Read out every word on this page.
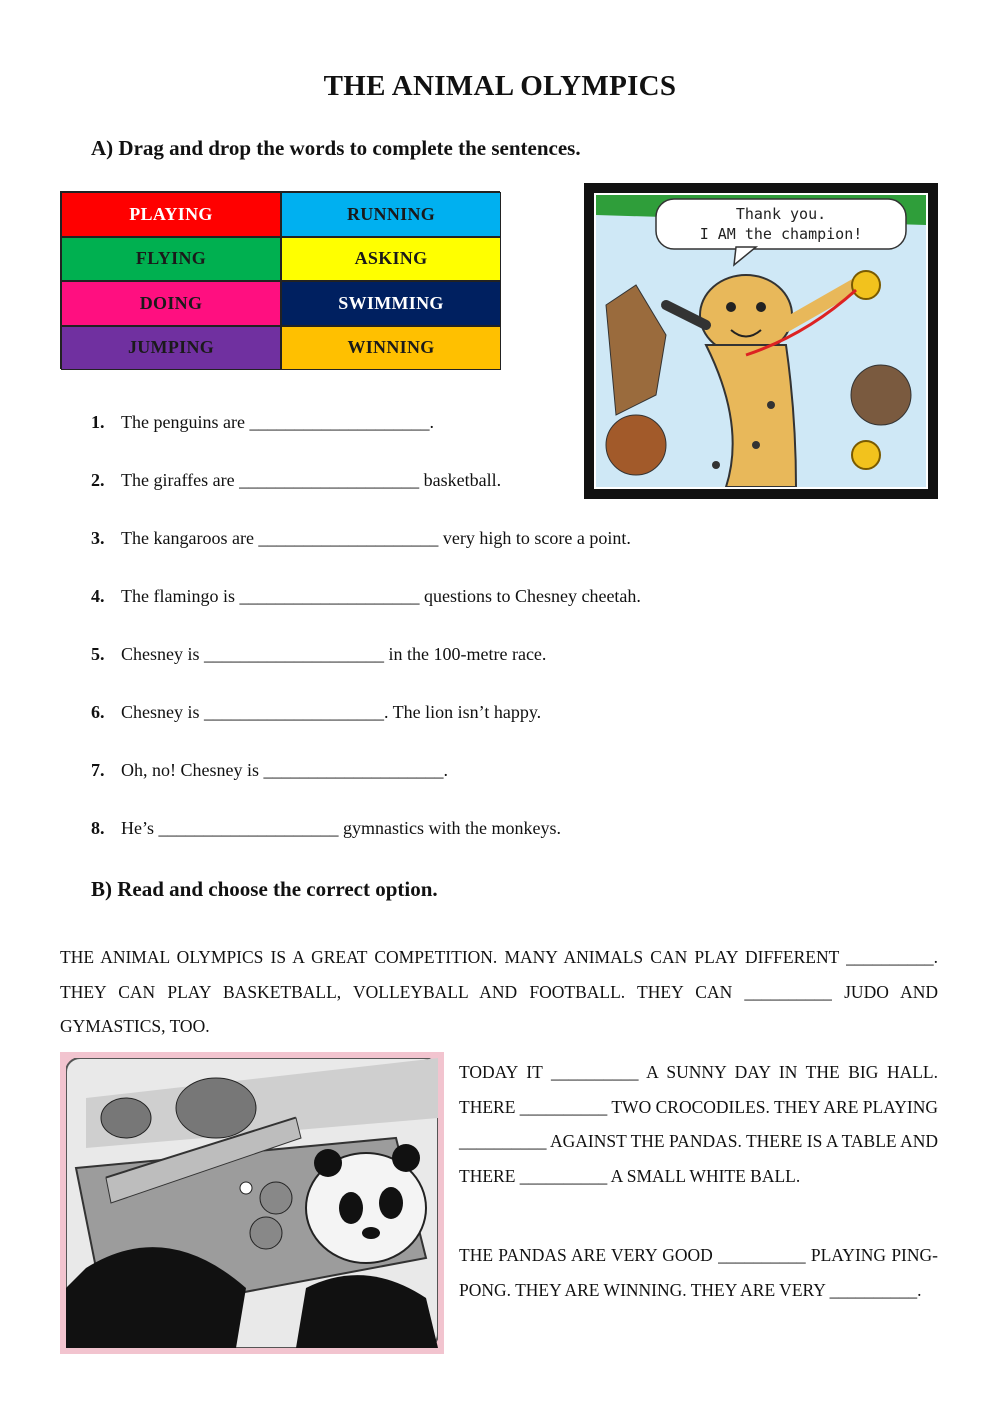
THE ANIMAL OLYMPICS
A) Drag and drop the words to complete the sentences.
PLAYING	RUNNING
FLYING	ASKING
DOING	SWIMMING
JUMPING	WINNING
Thank you.
I AM the champion!
1. The penguins are ____________________.
2. The giraffes are ____________________ basketball.
3. The kangaroos are ____________________ very high to score a point.
4. The flamingo is ____________________ questions to Chesney cheetah.
5. Chesney is ____________________ in the 100-metre race.
6. Chesney is ____________________. The lion isn’t happy.
7. Oh, no! Chesney is ____________________.
8. He’s ____________________ gymnastics with the monkeys.
B) Read and choose the correct option.
THE ANIMAL OLYMPICS IS A GREAT COMPETITION. MANY ANIMALS CAN PLAY DIFFERENT __________. THEY CAN PLAY BASKETBALL, VOLLEYBALL AND FOOTBALL. THEY CAN __________ JUDO AND GYMASTICS, TOO.
TODAY IT __________ A SUNNY DAY IN THE BIG HALL. THERE __________ TWO CROCODILES. THEY ARE PLAYING __________ AGAINST THE PANDAS. THERE IS A TABLE AND THERE __________ A SMALL WHITE BALL.
THE PANDAS ARE VERY GOOD __________ PLAYING PING-PONG. THEY ARE WINNING. THEY ARE VERY __________.
